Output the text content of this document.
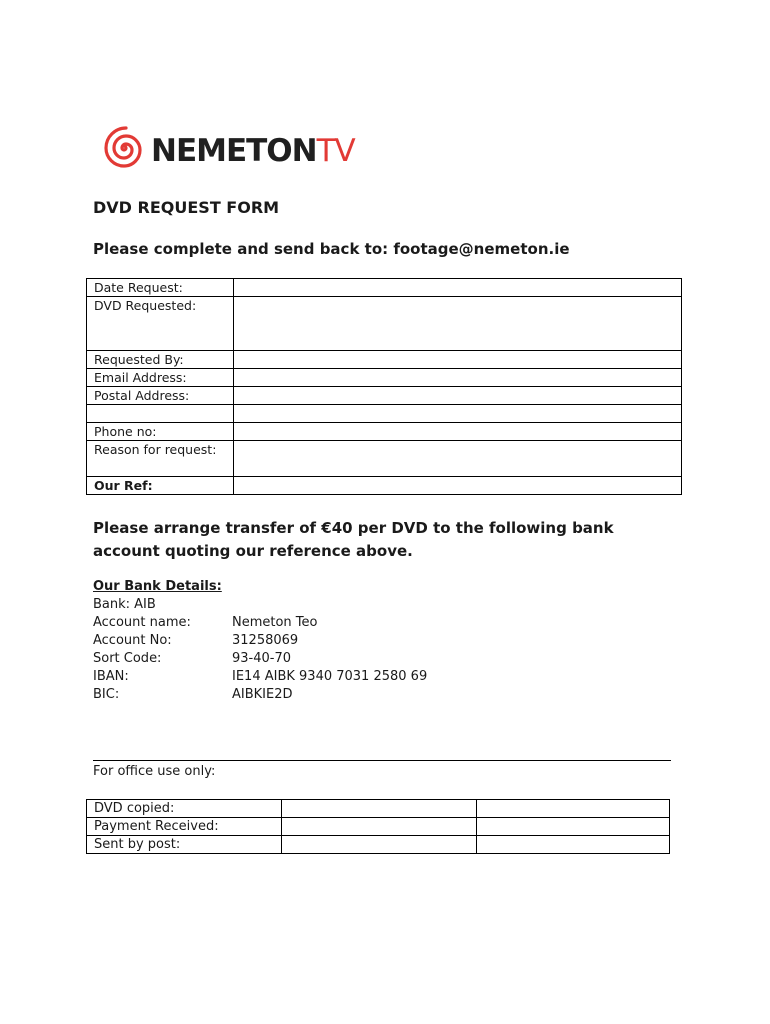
NEMETONTV
DVD REQUEST FORM
Please complete and send back to: footage@nemeton.ie
Date Request:	
DVD Requested:	
Requested By:	
Email Address:	
Postal Address:	

Phone no:	
Reason for request:	
Our Ref:	
Please arrange transfer of €40 per DVD to the following bank account quoting our reference above.
Our Bank Details:
Bank: AIB
Account name:	Nemeton Teo
Account No:	31258069
Sort Code:	93-40-70
IBAN:	IE14 AIBK 9340 7031 2580 69
BIC:	AIBKIE2D
For office use only:
DVD copied:		
Payment Received:		
Sent by post:		
